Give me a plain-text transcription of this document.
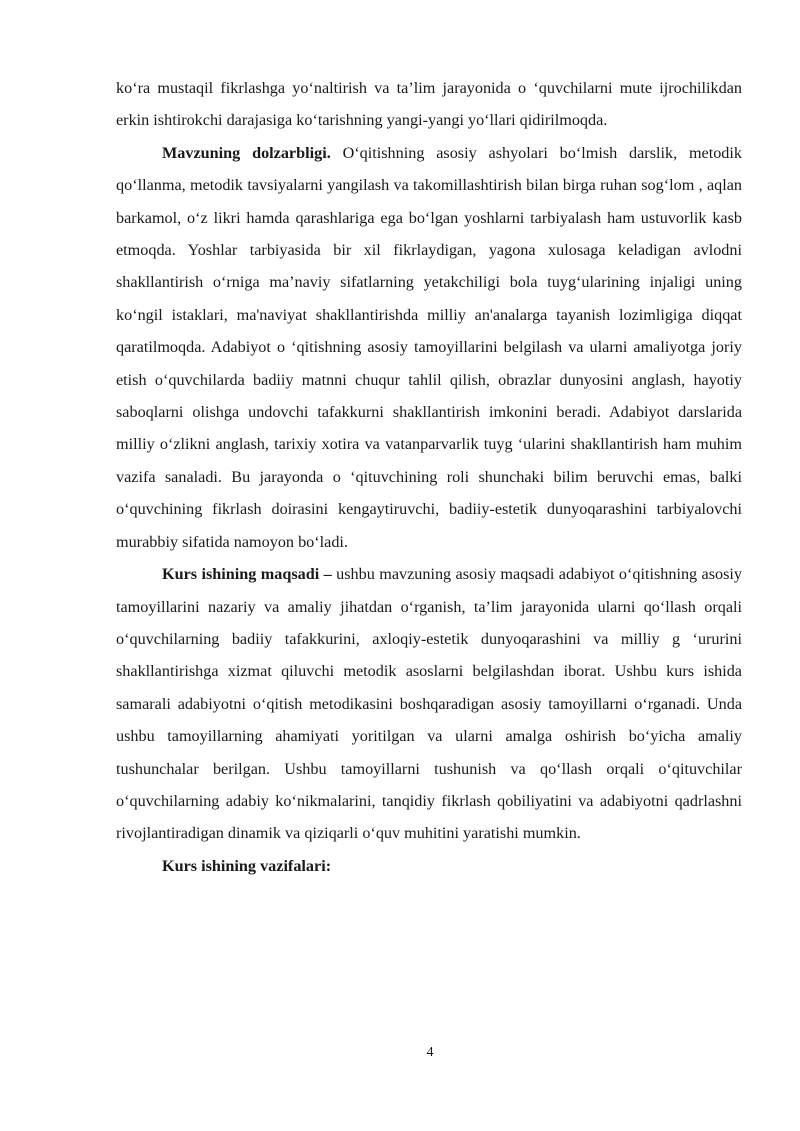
ko‘ra mustaqil fikrlashga yo‘naltirish va ta’lim jarayonida o ‘quvchilarni mute ijrochilikdan erkin ishtirokchi darajasiga ko‘tarishning yangi-yangi yo‘llari qidirilmoqda.

Mavzuning dolzarbligi. O‘qitishning asosiy ashyolari bo‘lmish darslik, metodik qo‘llanma, metodik tavsiyalarni yangilash va takomillashtirish bilan birga ruhan sog‘lom , aqlan barkamol, o‘z likri hamda qarashlariga ega bo‘lgan yoshlarni tarbiyalash ham ustuvorlik kasb etmoqda. Yoshlar tarbiyasida bir xil fikrlaydigan, yagona xulosaga keladigan avlodni shakllantirish o‘rniga ma’naviy sifatlarning yetakchiligi bola tuyg‘ularining injaligi uning ko‘ngil istaklari, ma'naviyat shakllantirishda milliy an'analarga tayanish lozimligiga diqqat qaratilmoqda. Adabiyot o ‘qitishning asosiy tamoyillarini belgilash va ularni amaliyotga joriy etish o‘quvchilarda badiiy matnni chuqur tahlil qilish, obrazlar dunyosini anglash, hayotiy saboqlarni olishga undovchi tafakkurni shakllantirish imkonini beradi. Adabiyot darslarida milliy o‘zlikni anglash, tarixiy xotira va vatanparvarlik tuyg ‘ularini shakllantirish ham muhim vazifa sanaladi. Bu jarayonda o ‘qituvchining roli shunchaki bilim beruvchi emas, balki o‘quvchining fikrlash doirasini kengaytiruvchi, badiiy-estetik dunyoqarashini tarbiyalovchi murabbiy sifatida namoyon bo‘ladi.

Kurs ishining maqsadi – ushbu mavzuning asosiy maqsadi adabiyot o‘qitishning asosiy tamoyillarini nazariy va amaliy jihatdan o‘rganish, ta’lim jarayonida ularni qo‘llash orqali o‘quvchilarning badiiy tafakkurini, axloqiy-estetik dunyoqarashini va milliy g ‘ururini shakllantirishga xizmat qiluvchi metodik asoslarni belgilashdan iborat. Ushbu kurs ishida samarali adabiyotni o‘qitish metodikasini boshqaradigan asosiy tamoyillarni o‘rganadi. Unda ushbu tamoyillarning ahamiyati yoritilgan va ularni amalga oshirish bo‘yicha amaliy tushunchalar berilgan. Ushbu tamoyillarni tushunish va qo‘llash orqali o‘qituvchilar o‘quvchilarning adabiy ko‘nikmalarini, tanqidiy fikrlash qobiliyatini va adabiyotni qadrlashni rivojlantiradigan dinamik va qiziqarli o‘quv muhitini yaratishi mumkin.

Kurs ishining vazifalari:

4
